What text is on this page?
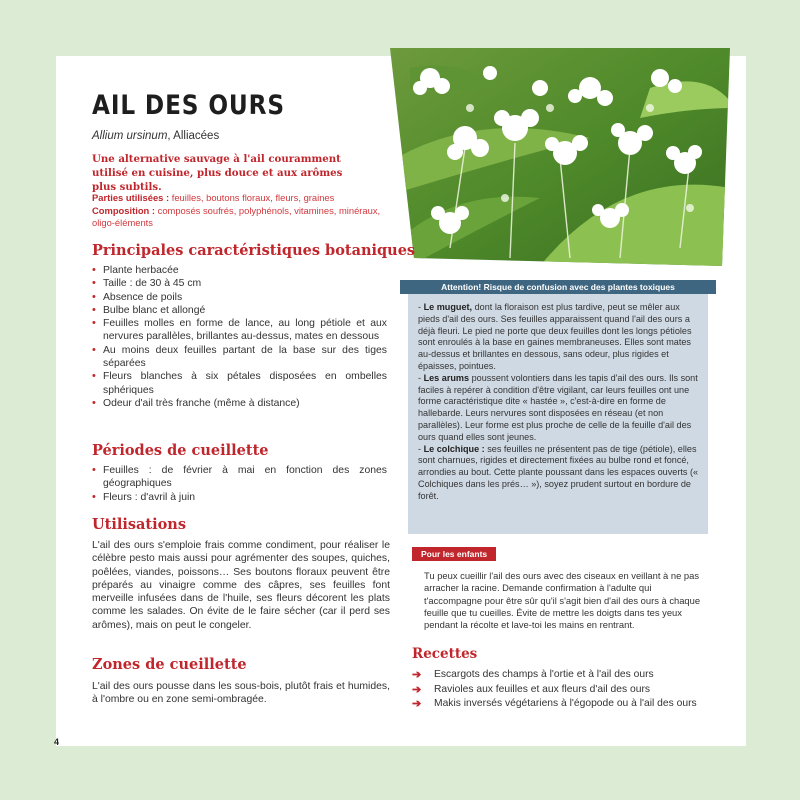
AIL DES OURS
Allium ursinum, Alliacées
Une alternative sauvage à l'ail couramment utilisé en cuisine, plus douce et aux arômes plus subtils.
Parties utilisées : feuilles, boutons floraux, fleurs, graines
Composition : composés soufrés, polyphénols, vitamines, minéraux, oligo-éléments
Principales caractéristiques botaniques
• Plante herbacée
• Taille : de 30 à 45 cm
• Absence de poils
• Bulbe blanc et allongé
• Feuilles molles en forme de lance, au long pétiole et aux nervures parallèles, brillantes au-dessus, mates en dessous
• Au moins deux feuilles partant de la base sur des tiges séparées
• Fleurs blanches à six pétales disposées en ombelles sphériques
• Odeur d'ail très franche (même à distance)
Périodes de cueillette
• Feuilles : de février à mai en fonction des zones géographiques
• Fleurs : d'avril à juin
Utilisations

L'ail des ours s'emploie frais comme condiment, pour réaliser le célèbre pesto mais aussi pour agrémenter des soupes, quiches, poêlées, viandes, poissons… Ses boutons floraux peuvent être préparés au vinaigre comme des câpres, ses feuilles font merveille infusées dans de l'huile, ses fleurs décorent les plats comme les salades. On évite de le faire sécher (car il perd ses arômes), mais on peut le congeler.

Zones de cueillette

L'ail des ours pousse dans les sous-bois, plutôt frais et humides, à l'ombre ou en zone semi-ombragée.

Attention! Risque de confusion avec des plantes toxiques

- Le muguet, dont la floraison est plus tardive, peut se mêler aux pieds d'ail des ours. Ses feuilles apparaissent quand l'ail des ours a déjà fleuri. Le pied ne porte que deux feuilles dont les longs pétioles sont enroulés à la base en gaines membraneuses. Elles sont mates au-dessus et brillantes en dessous, sans odeur, plus rigides et épaisses, pointues.

- Les arums poussent volontiers dans les tapis d'ail des ours. Ils sont faciles à repérer à condition d'être vigilant, car leurs feuilles ont une forme caractéristique dite « hastée », c'est-à-dire en forme de hallebarde. Leurs nervures sont disposées en réseau (et non parallèles). Leur forme est plus proche de celle de la feuille d'ail des ours quand elles sont jeunes.

- Le colchique : ses feuilles ne présentent pas de tige (pétiole), elles sont charnues, rigides et directement fixées au bulbe rond et foncé, arrondies au bout. Cette plante poussant dans les espaces ouverts (« Colchiques dans les prés… »), soyez prudent surtout en bordure de forêt.

Pour les enfants
Tu peux cueillir l'ail des ours avec des ciseaux en veillant à ne pas arracher la racine. Demande confirmation à l'adulte qui t'accompagne pour être sûr qu'il s'agit bien d'ail des ours à chaque feuille que tu cueilles. Évite de mettre les doigts dans tes yeux pendant la récolte et lave-toi les mains en rentrant.
Recettes
➔ Escargots des champs à l'ortie et à l'ail des ours
➔ Ravioles aux feuilles et aux fleurs d'ail des ours
➔ Makis inversés végétariens à l'égopode ou à l'ail des ours
4
